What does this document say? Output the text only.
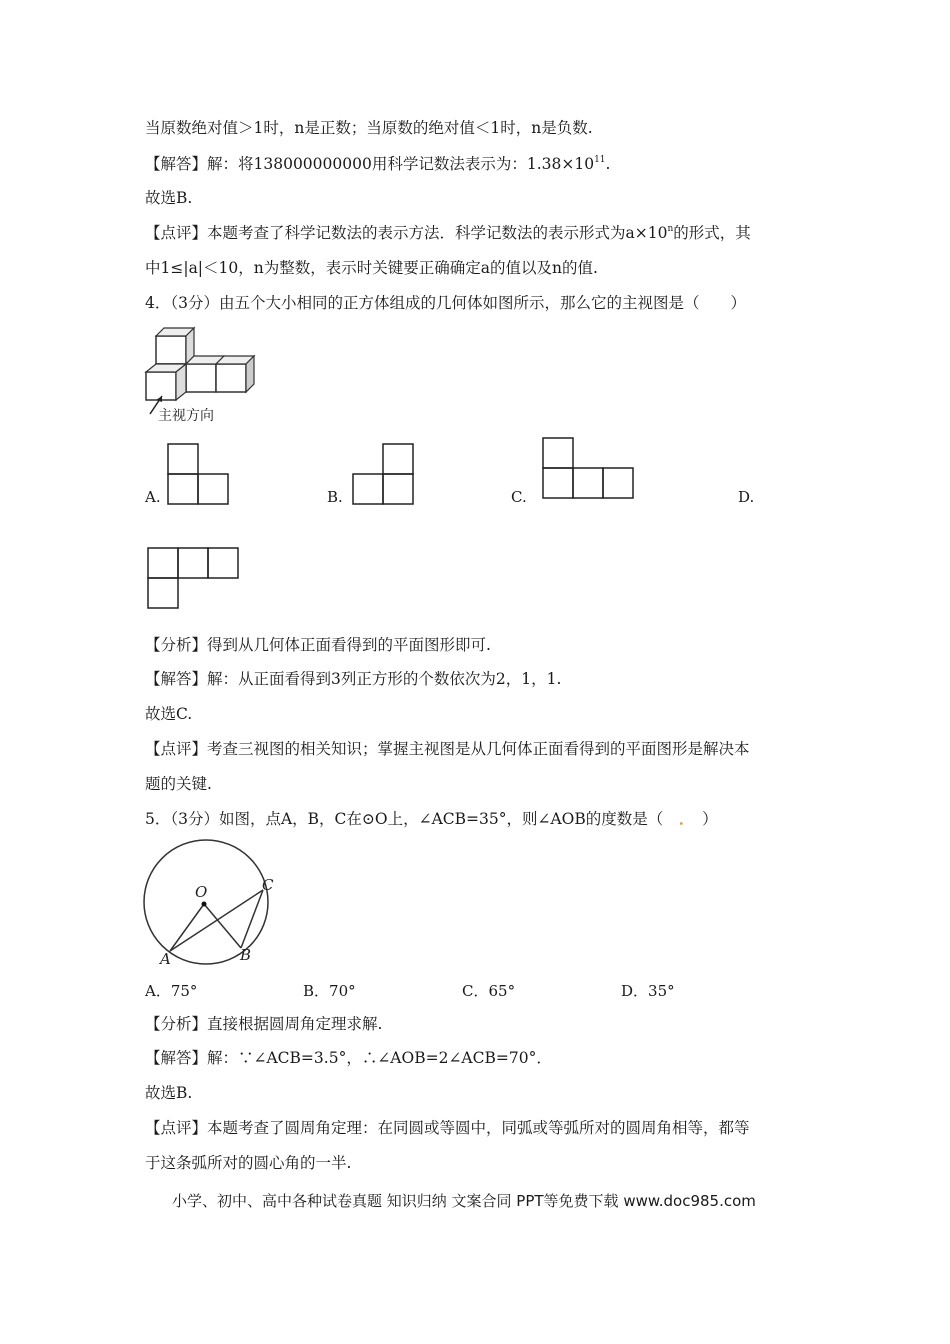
当原数绝对值＞1时，n是正数；当原数的绝对值＜1时，n是负数.
【解答】解：将138000000000用科学记数法表示为：$1.38\times 10^{11}$.
故选B.
【点评】本题考查了科学记数法的表示方法．科学记数法的表示形式为$a\times 10^n$的形式，其
中1≤|a|＜10，n为整数，表示时关键要正确确定a的值以及n的值.
4．（3分）由五个大小相同的正方体组成的几何体如图所示，那么它的主视图是（　　）
主视方向
A.	B.	C.	D.
【分析】得到从几何体正面看得到的平面图形即可.
【解答】解：从正面看得到3列正方形的个数依次为2，1，1.
故选C.
【点评】考查三视图的相关知识；掌握主视图是从几何体正面看得到的平面图形是解决本
题的关键.
5．（3分）如图，点A，B，C在⊙O上，∠ACB=35°，则∠AOB的度数是（　 ．　 ）
O	C
B
A
A．75°	B．70°	C．65°	D．35°
【分析】直接根据圆周角定理求解.
【解答】解：∵∠ACB=3.5°，∴∠AOB=2∠ACB=70°．
故选B.
【点评】本题考查了圆周角定理：在同圆或等圆中，同弧或等弧所对的圆周角相等，都等
于这条弧所对的圆心角的一半.
小学、初中、高中各种试卷真题 知识归纳 文案合同 PPT等免费下载 www.doc985.com
